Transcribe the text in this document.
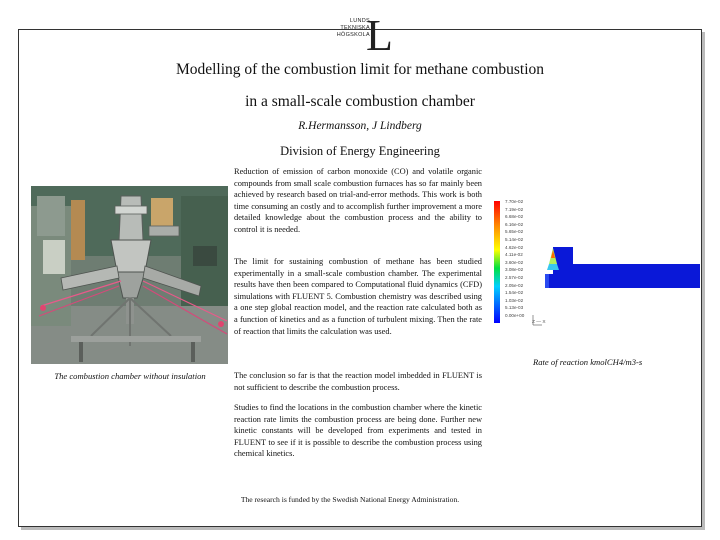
LUNDS
TEKNISKA
HÖGSKOLA
L
Modelling of the combustion limit for methane combustion
in a small-scale combustion chamber
R.Hermansson, J Lindberg
Division of Energy Engineering
The combustion chamber without insulation
Reduction of emission of carbon monoxide (CO) and volatile organic compounds from small scale combustion furnaces has so far mainly been achieved by research based on trial-and-error methods. This work is both time consuming an costly and to accomplish further improvement a more detailed knowledge about the combustion process and the ability to control it is needed.
The limit for sustaining combustion of methane has been studied experimentally in a small-scale combustion chamber. The experimental results have then been compared to Computational fluid dynamics (CFD) simulations with FLUENT 5. Combustion chemistry was described using a one step global reaction model, and the reaction rate calculated both as a function of kinetics and as a function of turbulent mixing. Then the rate of reaction that limits the calculation was used.
The conclusion so far is that the reaction model imbedded in FLUENT is not sufficient to describe the combustion process.
Studies to find the locations in the combustion chamber where the kinetic reaction rate limits the combustion process are being done. Further new kinetic constants will be developed from experiments and tested in FLUENT to see if it is possible to describe the combustion process using chemical kinetics.
7.70e-02
7.19e-02
6.68e-02
6.16e-02
5.65e-02
5.14e-02
4.62e-02
4.11e-02
3.60e-02
3.08e-02
2.57e-02
2.05e-02
1.54e-02
1.03e-02
5.13e-03
0.00e+00
Z — X
Rate of reaction kmolCH4/m3-s
The research is funded by the Swedish National Energy Administration.
